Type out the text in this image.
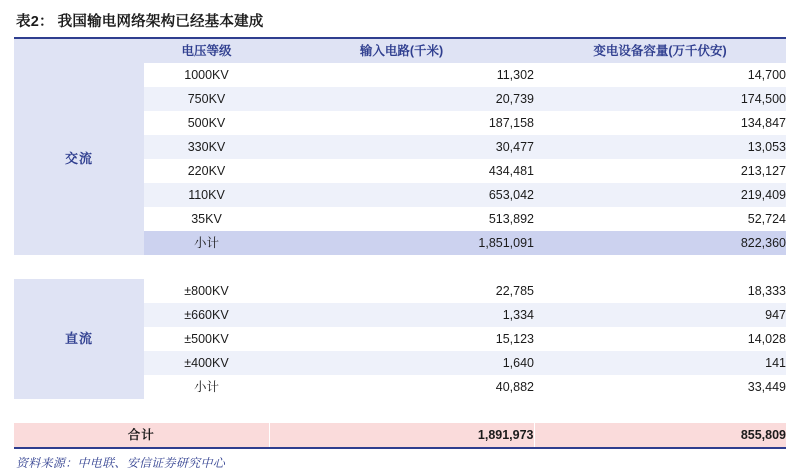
表2： 我国输电网络架构已经基本建成
	电压等级	输入电路(千米)	变电设备容量(万千伏安)
交流	1000KV	11,302	14,700
	750KV	20,739	174,500
	500KV	187,158	134,847
	330KV	30,477	13,053
	220KV	434,481	213,127
	110KV	653,042	219,409
	35KV	513,892	52,724
	小计	1,851,091	822,360

直流	±800KV	22,785	18,333
	±660KV	1,334	947
	±500KV	15,123	14,028
	±400KV	1,640	141
	小计	40,882	33,449

合计		1,891,973	855,809
资料来源：中电联、安信证券研究中心
